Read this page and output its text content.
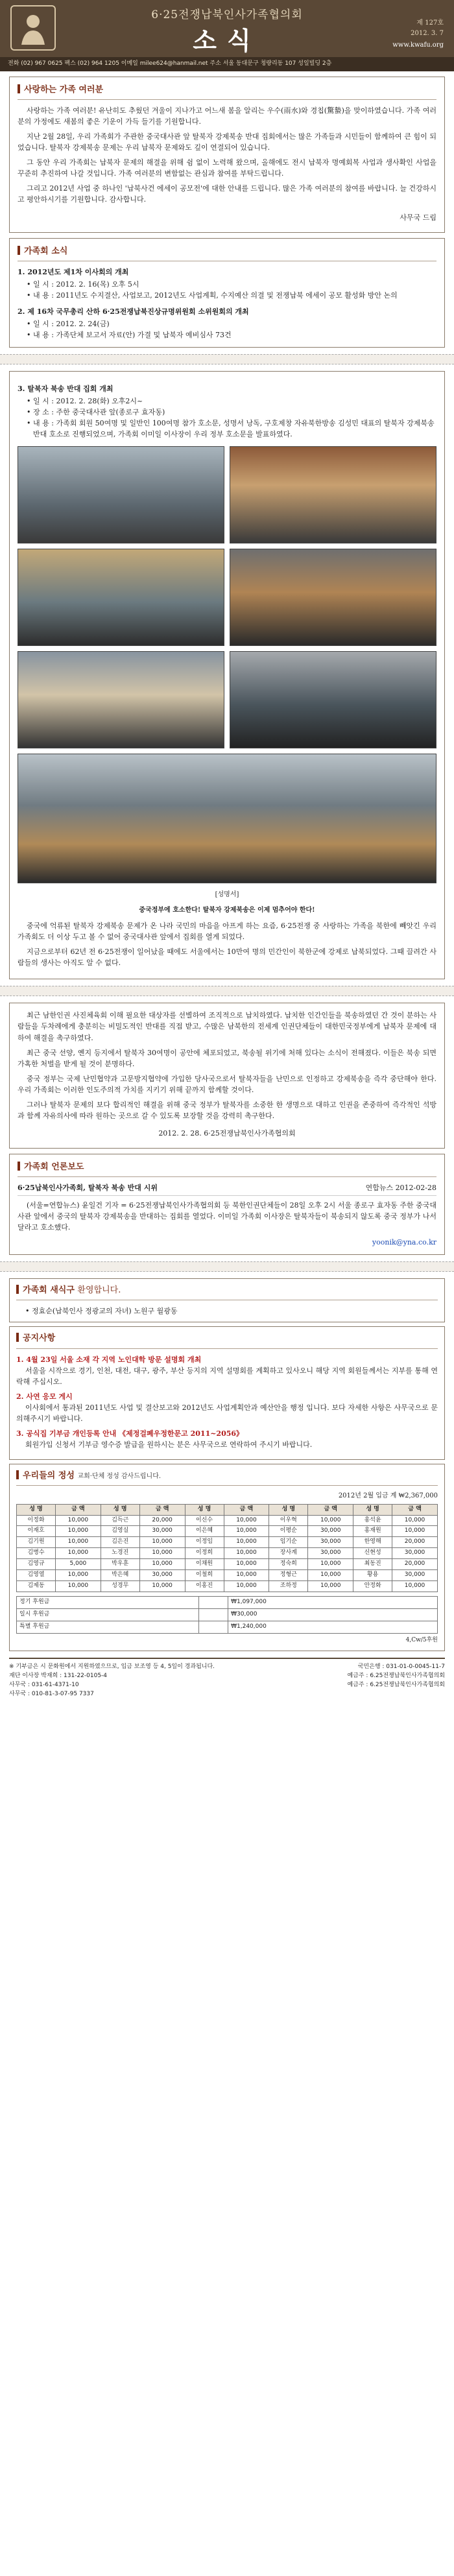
6·25전쟁납북인사가족협의회
소식
제 127호
2012. 3. 7
www.kwafu.org
전화 (02) 967 0625 팩스 (02) 964 1205 이메일 milee624@hanmail.net 주소 서울 동대문구 청량리동 107 성일빌딩 2층
사랑하는 가족 여러분

사랑하는 가족 여러분! 유난히도 추웠던 겨울이 지나가고 어느새 봄을 알리는 우수(雨水)와 경칩(驚蟄)을 맞이하였습니다. 가족 여러분의 가정에도 새봄의 좋은 기운이 가득 들기를 기원합니다.

지난 2월 28일, 우리 가족회가 주관한 중국대사관 앞 탈북자 강제북송 반대 집회에서는 많은 가족들과 시민들이 함께하여 큰 힘이 되었습니다. 탈북자 강제북송 문제는 우리 납북자 문제와도 깊이 연결되어 있습니다.

그 동안 우리 가족회는 납북자 문제의 해결을 위해 쉼 없이 노력해 왔으며, 올해에도 전시 납북자 명예회복 사업과 생사확인 사업을 꾸준히 추진하여 나갈 것입니다. 가족 여러분의 변함없는 관심과 참여를 부탁드립니다.

그리고 2012년 사업 중 하나인 '납북사건 에세이 공모전'에 대한 안내를 드립니다. 많은 가족 여러분의 참여를 바랍니다. 늘 건강하시고 평안하시기를 기원합니다. 감사합니다.

사무국 드림
가족회 소식
1. 2012년도 제1차 이사회의 개최
• 일 시 : 2012. 2. 16(목) 오후 5시
• 내 용 : 2011년도 수지결산, 사업보고, 2012년도 사업계획, 수지예산 의결 및 전쟁납북 에세이 공모 활성화 방안 논의
2. 제 16차 국무총리 산하 6·25전쟁납북진상규명위원회 소위원회의 개최
• 일 시 : 2012. 2. 24(금)
• 내 용 : 가족단체 보고서 자료(안) 가결 및 납북자 예비심사 73건
3. 탈북자 북송 반대 집회 개최
• 일 시 : 2012. 2. 28(화) 오후2시~
• 장 소 : 주한 중국대사관 앞(종로구 효자동)
• 내 용 : 가족회 회원 50여명 및 일반인 100여명 참가 호소문, 성명서 낭독, 구호제창 자유북한방송 김성민 대표의 탈북자 강제북송 반대 호소로 진행되었으며, 가족회 이미일 이사장이 우리 정부 호소문을 발표하였다.
[성명서]
중국정부에 호소한다! 탈북자 강제북송은 이제 멈추어야 한다!

중국에 억류된 탈북자 강제북송 문제가 온 나라 국민의 마음을 아프게 하는 요즘, 6·25전쟁 중 사랑하는 가족을 북한에 빼앗긴 우리 가족회도 더 이상 두고 볼 수 없어 중국대사관 앞에서 집회를 열게 되었다.

지금으로부터 62년 전 6·25전쟁이 일어났을 때에도 서울에서는 10만여 명의 민간인이 북한군에 강제로 납북되었다. 그때 끌려간 사람들의 생사는 아직도 알 수 없다.

최근 남한인권 사진체육회 이해 필요한 대상자를 선별하여 조직적으로 납치하였다. 납치한 인간인들을 북송하였던 간 것이 분하는 사람들을 두차례에게 충분히는 비밀도적인 반대를 직접 받고, 수많은 남북한의 전세계 인권단체들이 대한민국정부에게 납북자 문제에 대하여 해결을 촉구하였다.

최근 중국 선양, 옌지 등지에서 탈북자 30여명이 공안에 체포되었고, 북송될 위기에 처해 있다는 소식이 전해졌다. 이들은 북송 되면 가혹한 처벌을 받게 될 것이 분명하다.

중국 정부는 국제 난민협약과 고문방지협약에 가입한 당사국으로서 탈북자들을 난민으로 인정하고 강제북송을 즉각 중단해야 한다. 우리 가족회는 이러한 인도주의적 가치를 지키기 위해 끝까지 함께할 것이다.

그러나 탈북자 문제의 보다 합리적인 해결을 위해 중국 정부가 탈북자를 소중한 한 생명으로 대하고 인권을 존중하여 즉각적인 석방과 함께 자유의사에 따라 원하는 곳으로 갈 수 있도록 보장할 것을 강력히 촉구한다.

2012. 2. 28. 6·25전쟁납북인사가족협의회
가족회 언론보도
6·25납북인사가족회, 탈북자 북송 반대 시위	연합뉴스 2012-02-28

(서울=연합뉴스) 윤일건 기자 = 6·25전쟁납북인사가족협의회 등 북한인권단체들이 28일 오후 2시 서울 종로구 효자동 주한 중국대사관 앞에서 중국의 탈북자 강제북송을 반대하는 집회를 열었다. 이미일 가족회 이사장은 탈북자들이 북송되지 않도록 중국 정부가 나서 달라고 호소했다.

yoonik@yna.co.kr
가족회 새식구 환영합니다.
• 정효순(납북인사 정광교의 자녀) 노원구 월광동
공지사항
1. 4월 23일 서울 소재 각 지역 노인대학 방문 설명회 개최

서울을 시작으로 경기, 인천, 대전, 대구, 광주, 부산 등지의 지역 설명회를 계획하고 있사오니 해당 지역 회원들께서는 지부를 통해 연락해 주십시오.

2. 사연 응모 게시

이사회에서 통과된 2011년도 사업 및 결산보고와 2012년도 사업계획안과 예산안을 행정 입니다. 보다 자세한 사항은 사무국으로 문의해주시기 바랍니다.

3. 공식집 기부금 개인등록 안내 《제정걸폐우정한문고 2011~2056》

회원가입 신청서 기부금 영수증 발급을 원하시는 분은 사무국으로 연락하여 주시기 바랍니다.

우리들의 정성 교회·단체 정성 감사드립니다.
2012년 2월 입금 계 ₩2,367,000
성 명	금 액	성 명	금 액	성 명	금 액	성 명	금 액	성 명	금 액
이정화	10,000	김득근	20,000	이신수	10,000	이우혁	10,000	홍석윤	10,000
이재호	10,000	김영실	30,000	이은혜	10,000	이평순	30,000	홍재원	10,000
김기원	10,000	김은진	10,000	이정임	10,000	임기순	30,000	한영해	20,000
김병수	10,000	노경진	10,000	이정희	10,000	장사계	30,000	신현성	30,000
김영규	5,000	박우훈	10,000	이채원	10,000	정숙희	10,000	최동진	20,000
김영열	10,000	박은혜	30,000	이철희	10,000	정형근	10,000	황용	30,000
김제동	10,000	성경무	10,000	이홍진	10,000	조하정	10,000	안정화	10,000
정기 후원금		₩1,097,000
일시 후원금		₩30,000
특별 후원금		₩1,240,000
4,Cw/5후원
※ 기부금은 시 문화원에서 지원하였으므로, 입금 보조영 등 4, 5일이 경과됩니다.
재단 이사장 박재희 : 131-22-0105-4
사무국 : 031-61-4371-10
사무국 : 010-81-3-07-95 7337
국민은행 : 031-01-0-0045-11-7
예금주 : 6.25전쟁납북인사가족협의회
예금주 : 6.25전쟁납북인사가족협의회
